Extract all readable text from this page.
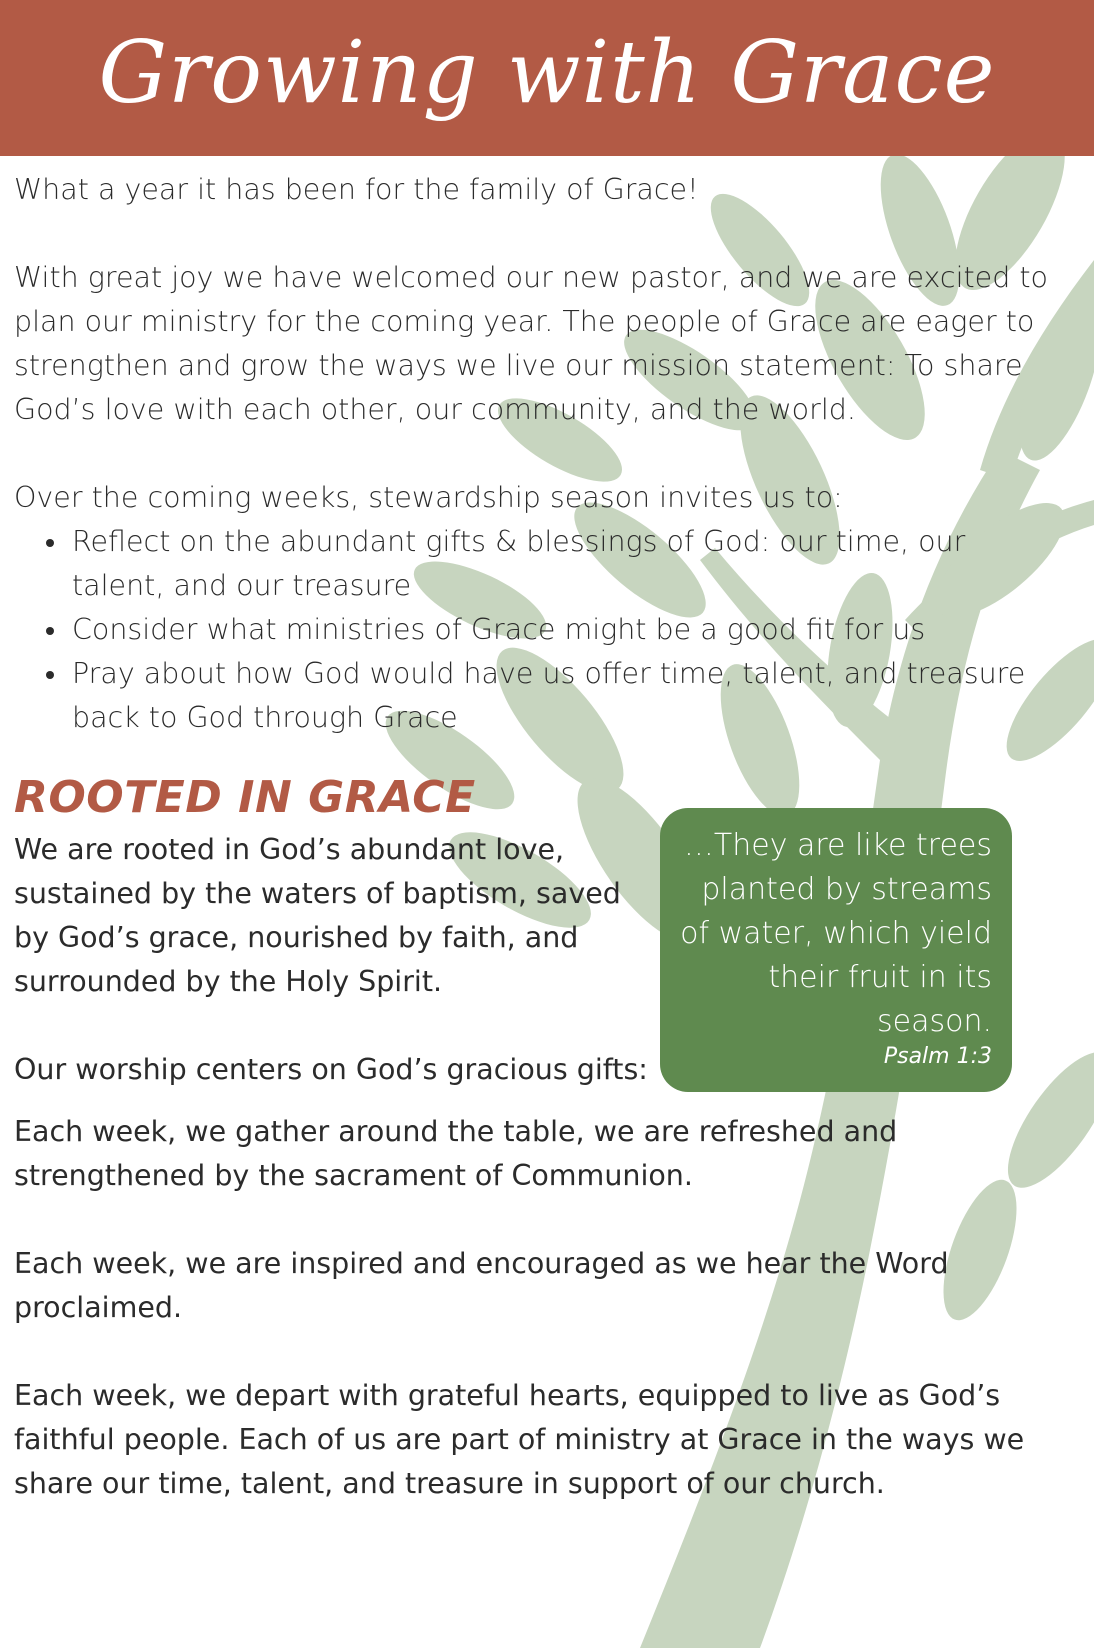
Growing with Grace

What a year it has been for the family of Grace!

With great joy we have welcomed our new pastor, and we are excited to plan our ministry for the coming year. The people of Grace are eager to strengthen and grow the ways we live our mission statement: To share God’s love with each other, our community, and the world.

Over the coming weeks, stewardship season invites us to:

Reflect on the abundant gifts & blessings of God: our time, our talent, and our treasure
Consider what ministries of Grace might be a good fit for us
Pray about how God would have us offer time, talent, and treasure back to God through Grace
ROOTED IN GRACE

We are rooted in God’s abundant love, sustained by the waters of baptism, saved by God’s grace, nourished by faith, and surrounded by the Holy Spirit.

Our worship centers on God’s gracious gifts:

…They are like trees planted by streams of water, which yield their fruit in its season.
Psalm 1:3

Each week, we gather around the table, we are refreshed and strengthened by the sacrament of Communion.

Each week, we are inspired and encouraged as we hear the Word proclaimed.

Each week, we depart with grateful hearts, equipped to live as God’s faithful people. Each of us are part of ministry at Grace in the ways we share our time, talent, and treasure in support of our church.
